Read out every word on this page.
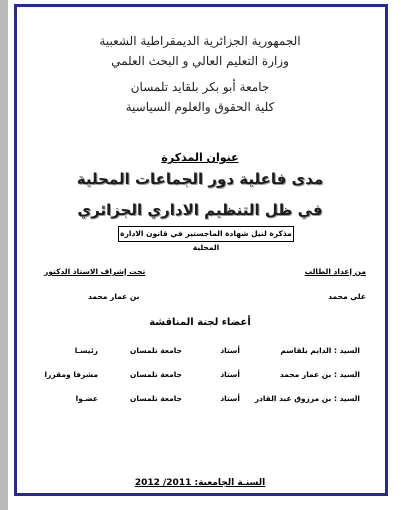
الجمهورية الجزائرية الديمقراطية الشعبية
وزارة التعليم العالي و البحث العلمي
جامعة أبو بكر بلقايد تلمسان
كلية الحقوق والعلوم السياسية
عنوان المذكرة
مدى فاعلية دور الجماعات المحلية
في ظل التنظيم الاداري الجزائري
مذكرة لنيل شهادة الماجستير في قانون الادارة المحلية
من إعداد الطالب
تحت إشراف الاستاذ الدكتور
علي محمد
بن عمار محمد
أعضاء لجنة المناقشة
السيد : الدايم بلقاسم
أستاذ
جامعة تلمسان
رئيسـا
السيد : بن عمار محمد
أستاذ
جامعة تلمسان
مشرفا ومقررا
السيد : بن مرزوق عبد القادر
أستاذ
جامعة تلمسان
عضـوا
السنـة الجامعية: 2011/ 2012
